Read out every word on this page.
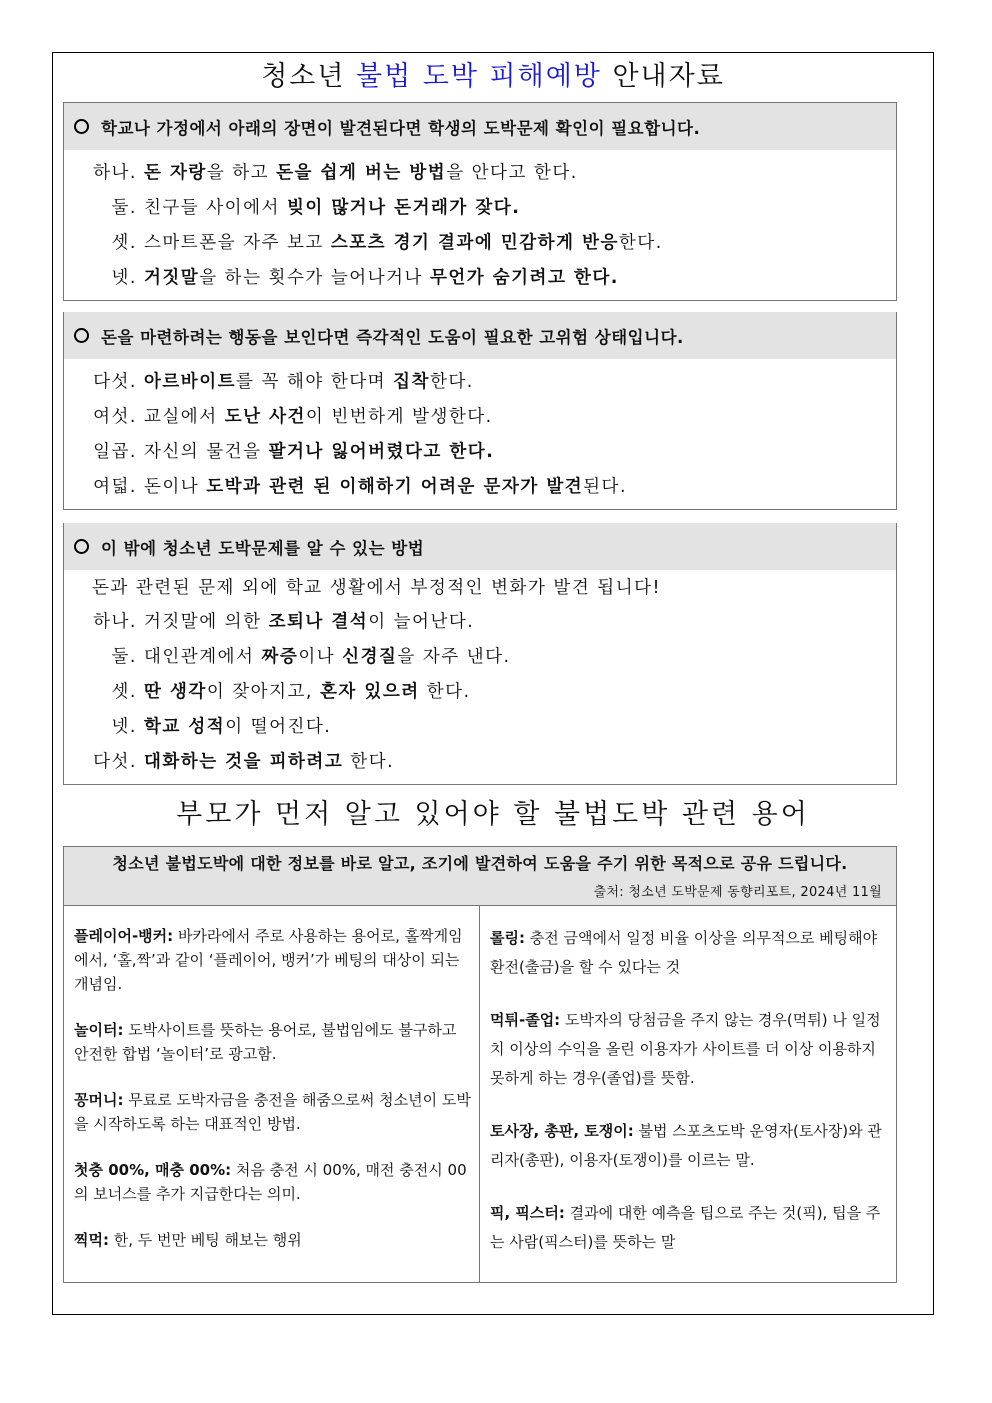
청소년 불법 도박 피해예방 안내자료
학교나 가정에서 아래의 장면이 발견된다면 학생의 도박문제 확인이 필요합니다.
하나. 돈 자랑을 하고 돈을 쉽게 버는 방법을 안다고 한다.
둘. 친구들 사이에서 빚이 많거나 돈거래가 잦다.
셋. 스마트폰을 자주 보고 스포츠 경기 결과에 민감하게 반응한다.
넷. 거짓말을 하는 횟수가 늘어나거나 무언가 숨기려고 한다.
돈을 마련하려는 행동을 보인다면 즉각적인 도움이 필요한 고위험 상태입니다.
다섯. 아르바이트를 꼭 해야 한다며 집착한다.
여섯. 교실에서 도난 사건이 빈번하게 발생한다.
일곱. 자신의 물건을 팔거나 잃어버렸다고 한다.
여덟. 돈이나 도박과 관련 된 이해하기 어려운 문자가 발견된다.
이 밖에 청소년 도박문제를 알 수 있는 방법
돈과 관련된 문제 외에 학교 생활에서 부정적인 변화가 발견 됩니다!
하나. 거짓말에 의한 조퇴나 결석이 늘어난다.
둘. 대인관계에서 짜증이나 신경질을 자주 낸다.
셋. 딴 생각이 잦아지고, 혼자 있으려 한다.
넷. 학교 성적이 떨어진다.
다섯. 대화하는 것을 피하려고 한다.
부모가 먼저 알고 있어야 할 불법도박 관련 용어
청소년 불법도박에 대한 정보를 바로 알고, 조기에 발견하여 도움을 주기 위한 목적으로 공유 드립니다.
출처: 청소년 도박문제 동향리포트, 2024년 11월
플레이어-뱅커: 바카라에서 주로 사용하는 용어로, 홀짝게임에서, ‘홀,짝’과 같이 ‘플레이어, 뱅커’가 베팅의 대상이 되는 개념임.
놀이터: 도박사이트를 뜻하는 용어로, 불법임에도 불구하고 안전한 합법 ‘놀이터’로 광고함.
꽁머니: 무료로 도박자금을 충전을 해줌으로써 청소년이 도박을 시작하도록 하는 대표적인 방법.
첫충 00%, 매충 00%: 처음 충전 시 00%, 매전 충전시 00의 보너스를 추가 지급한다는 의미.
찍먹: 한, 두 번만 베팅 해보는 행위
롤링: 충전 금액에서 일정 비율 이상을 의무적으로 베팅해야 환전(출금)을 할 수 있다는 것
먹튀-졸업: 도박자의 당첨금을 주지 않는 경우(먹튀) 나 일정 치 이상의 수익을 올린 이용자가 사이트를 더 이상 이용하지 못하게 하는 경우(졸업)를 뜻함.
토사장, 총판, 토쟁이: 불법 스포츠도박 운영자(토사장)와 관리자(총판), 이용자(토쟁이)를 이르는 말.
픽, 픽스터: 결과에 대한 예측을 팁으로 주는 것(픽), 팁을 주는 사람(픽스터)를 뜻하는 말
